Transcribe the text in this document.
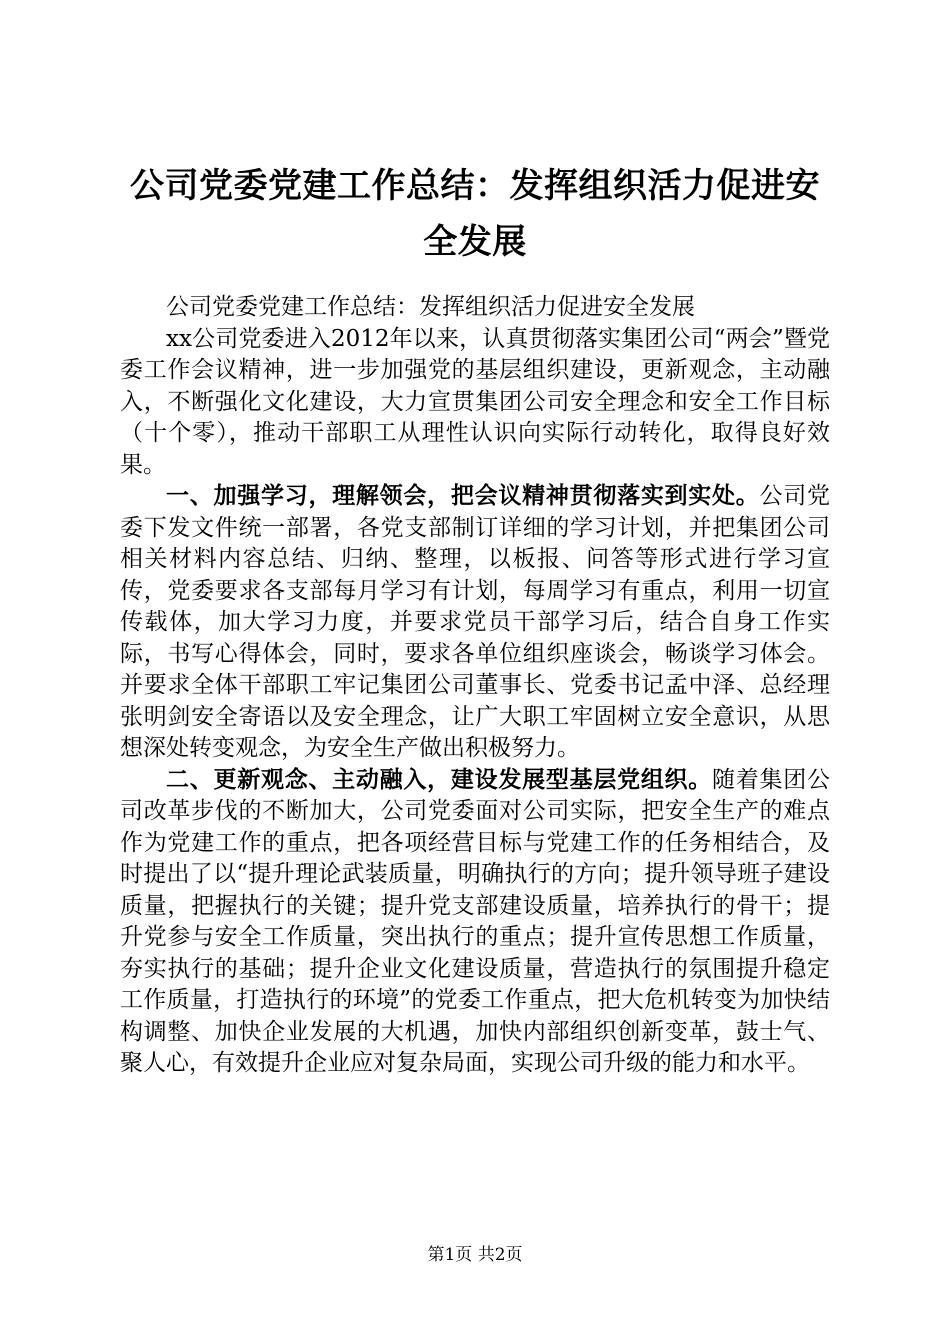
公司党委党建工作总结：发挥组织活力促进安全发展

公司党委党建工作总结：发挥组织活力促进安全发展

xx公司党委进入2012年以来，认真贯彻落实集团公司“两会”暨党委工作会议精神，进一步加强党的基层组织建设，更新观念，主动融入，不断强化文化建设，大力宣贯集团公司安全理念和安全工作目标（十个零），推动干部职工从理性认识向实际行动转化，取得良好效果。

一、加强学习，理解领会，把会议精神贯彻落实到实处。公司党委下发文件统一部署，各党支部制订详细的学习计划，并把集团公司相关材料内容总结、归纳、整理，以板报、问答等形式进行学习宣传，党委要求各支部每月学习有计划，每周学习有重点，利用一切宣传载体，加大学习力度，并要求党员干部学习后，结合自身工作实际，书写心得体会，同时，要求各单位组织座谈会，畅谈学习体会。并要求全体干部职工牢记集团公司董事长、党委书记孟中泽、总经理张明剑安全寄语以及安全理念，让广大职工牢固树立安全意识，从思想深处转变观念，为安全生产做出积极努力。

二、更新观念、主动融入，建设发展型基层党组织。随着集团公司改革步伐的不断加大，公司党委面对公司实际，把安全生产的难点作为党建工作的重点，把各项经营目标与党建工作的任务相结合，及时提出了以“提升理论武装质量，明确执行的方向；提升领导班子建设质量，把握执行的关键；提升党支部建设质量，培养执行的骨干；提升党参与安全工作质量，突出执行的重点；提升宣传思想工作质量，夯实执行的基础；提升企业文化建设质量，营造执行的氛围提升稳定工作质量，打造执行的环境”的党委工作重点，把大危机转变为加快结构调整、加快企业发展的大机遇，加快内部组织创新变革，鼓士气、聚人心，有效提升企业应对复杂局面，实现公司升级的能力和水平。

第1页 共2页
